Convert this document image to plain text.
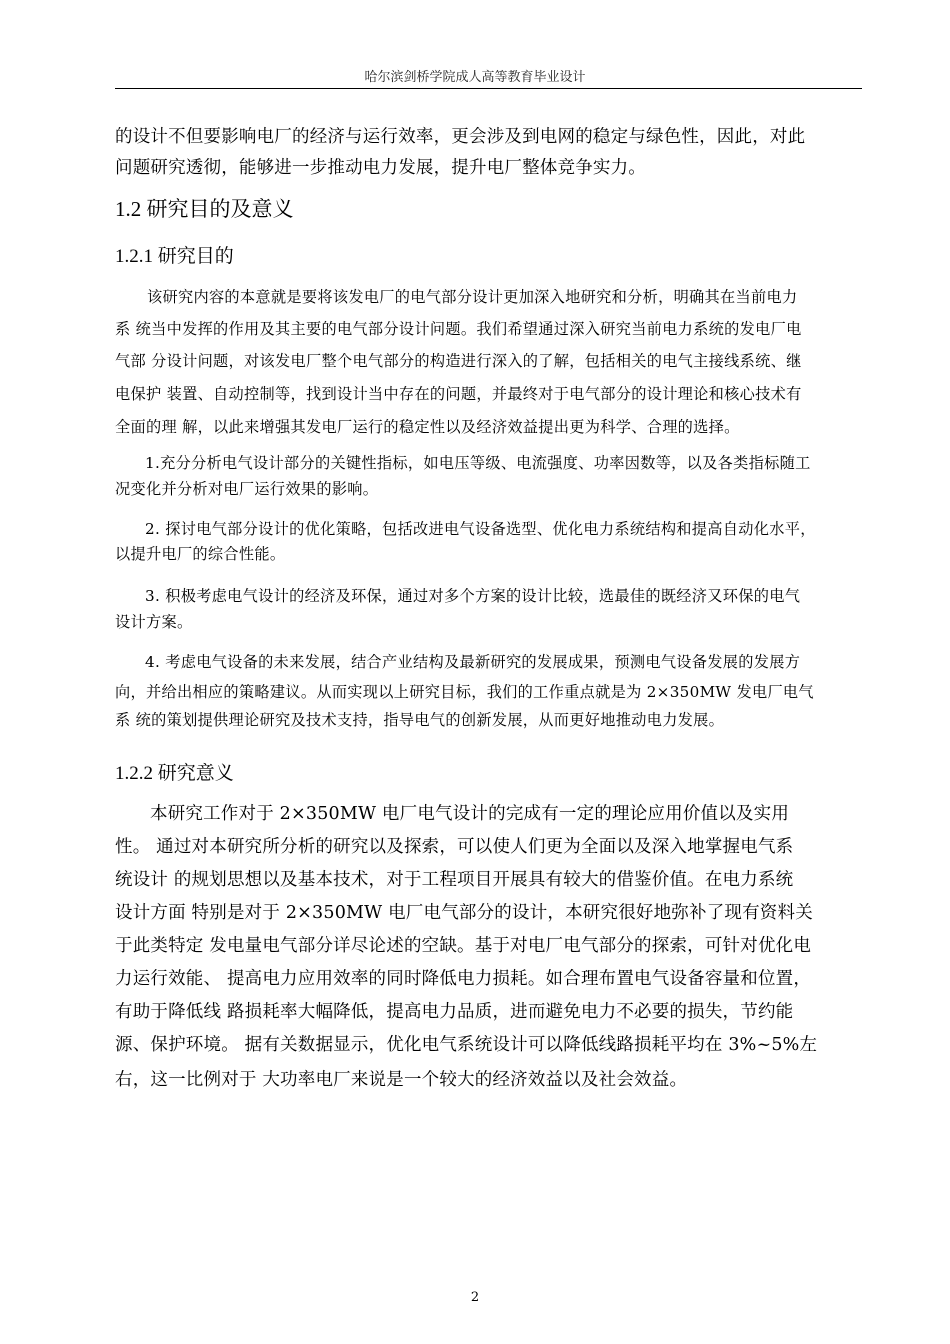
哈尔滨剑桥学院成人高等教育毕业设计
的设计不但要影响电厂的经济与运行效率，更会涉及到电网的稳定与绿色性，因此，对此
问题研究透彻，能够进一步推动电力发展，提升电厂整体竞争实力。
1.2 研究目的及意义
1.2.1 研究目的
该研究内容的本意就是要将该发电厂的电气部分设计更加深入地研究和分析，明确其在当前电力
系 统当中发挥的作用及其主要的电气部分设计问题。我们希望通过深入研究当前电力系统的发电厂电
气部 分设计问题，对该发电厂整个电气部分的构造进行深入的了解，包括相关的电气主接线系统、继
电保护 装置、自动控制等，找到设计当中存在的问题，并最终对于电气部分的设计理论和核心技术有
全面的理 解，以此来增强其发电厂运行的稳定性以及经济效益提出更为科学、合理的选择。
1.充分分析电气设计部分的关键性指标，如电压等级、电流强度、功率因数等，以及各类指标随工
况变化并分析对电厂运行效果的影响。
2. 探讨电气部分设计的优化策略，包括改进电气设备选型、优化电力系统结构和提高自动化水平，
以提升电厂的综合性能。
3. 积极考虑电气设计的经济及环保，通过对多个方案的设计比较，选最佳的既经济又环保的电气
设计方案。
4. 考虑电气设备的未来发展，结合产业结构及最新研究的发展成果，预测电气设备发展的发展方
向，并给出相应的策略建议。从而实现以上研究目标，我们的工作重点就是为 2×350MW 发电厂电气
系 统的策划提供理论研究及技术支持，指导电气的创新发展，从而更好地推动电力发展。
1.2.2 研究意义
本研究工作对于 2×350MW 电厂电气设计的完成有一定的理论应用价值以及实用
性。 通过对本研究所分析的研究以及探索，可以使人们更为全面以及深入地掌握电气系
统设计 的规划思想以及基本技术，对于工程项目开展具有较大的借鉴价值。在电力系统
设计方面 特别是对于 2×350MW 电厂电气部分的设计，本研究很好地弥补了现有资料关
于此类特定 发电量电气部分详尽论述的空缺。基于对电厂电气部分的探索，可针对优化电
力运行效能、 提高电力应用效率的同时降低电力损耗。如合理布置电气设备容量和位置，
有助于降低线 路损耗率大幅降低，提高电力品质，进而避免电力不必要的损失，节约能
源、保护环境。 据有关数据显示，优化电气系统设计可以降低线路损耗平均在 3%~5%左
右，这一比例对于 大功率电厂来说是一个较大的经济效益以及社会效益。
2
